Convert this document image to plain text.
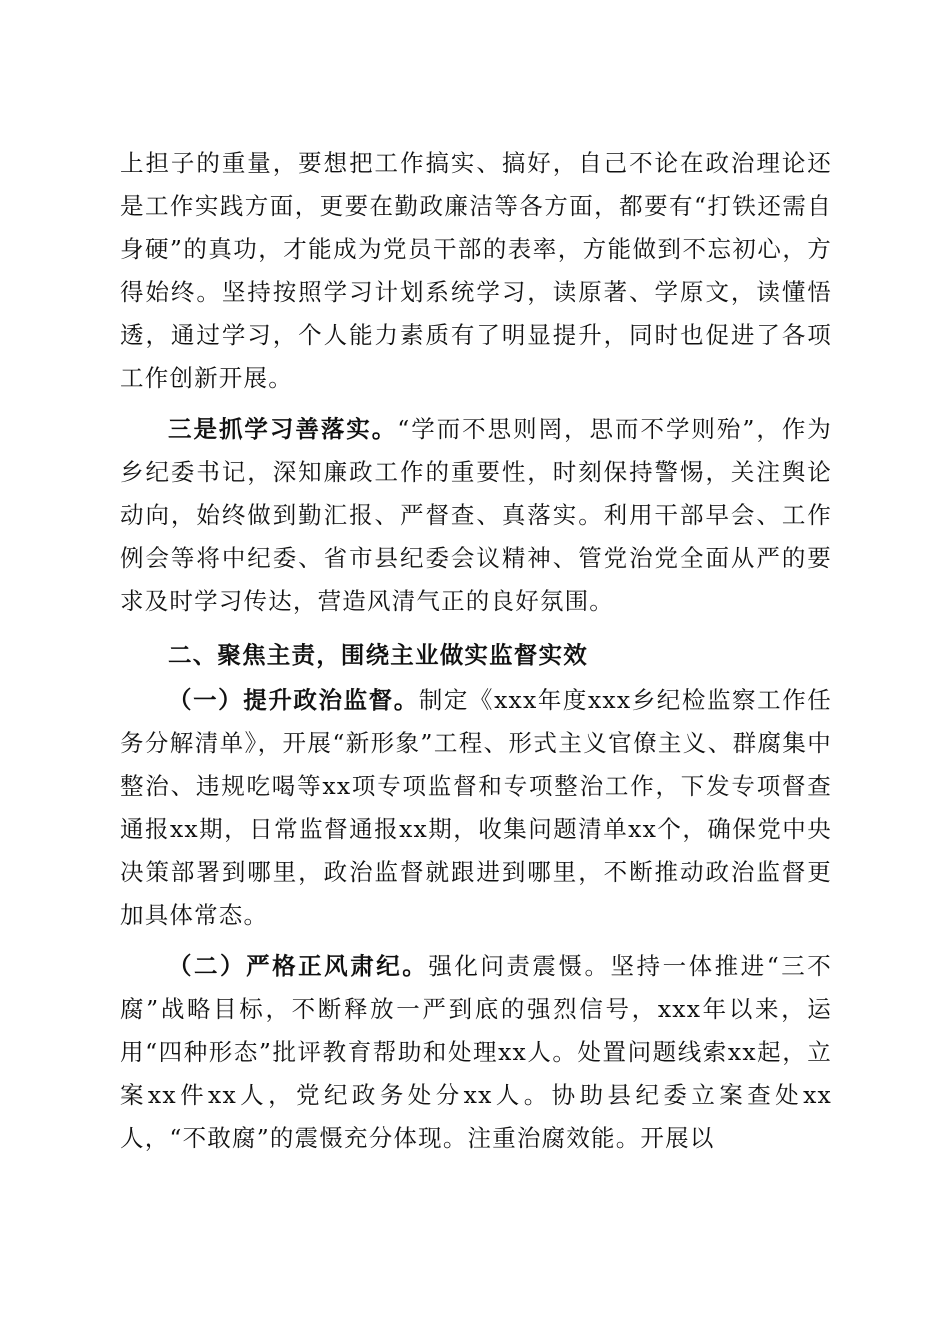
上担子的重量，要想把工作搞实、搞好，自己不论在政治理论还是工作实践方面，更要在勤政廉洁等各方面，都要有“打铁还需自身硬”的真功，才能成为党员干部的表率，方能做到不忘初心，方得始终。坚持按照学习计划系统学习，读原著、学原文，读懂悟透，通过学习，个人能力素质有了明显提升，同时也促进了各项工作创新开展。

三是抓学习善落实。“学而不思则罔，思而不学则殆”，作为乡纪委书记，深知廉政工作的重要性，时刻保持警惕，关注舆论动向，始终做到勤汇报、严督查、真落实。利用干部早会、工作例会等将中纪委、省市县纪委会议精神、管党治党全面从严的要求及时学习传达，营造风清气正的良好氛围。

二、聚焦主责，围绕主业做实监督实效

（一）提升政治监督。制定《xxx年度xxx乡纪检监察工作任务分解清单》，开展“新形象”工程、形式主义官僚主义、群腐集中整治、违规吃喝等xx项专项监督和专项整治工作，下发专项督查通报xx期，日常监督通报xx期，收集问题清单xx个，确保党中央决策部署到哪里，政治监督就跟进到哪里，不断推动政治监督更加具体常态。

（二）严格正风肃纪。强化问责震慑。坚持一体推进“三不腐”战略目标，不断释放一严到底的强烈信号，xxx年以来，运用“四种形态”批评教育帮助和处理xx人。处置问题线索xx起，立案xx件xx人，党纪政务处分xx人。协助县纪委立案查处xx人，“不敢腐”的震慑充分体现。注重治腐效能。开展以
